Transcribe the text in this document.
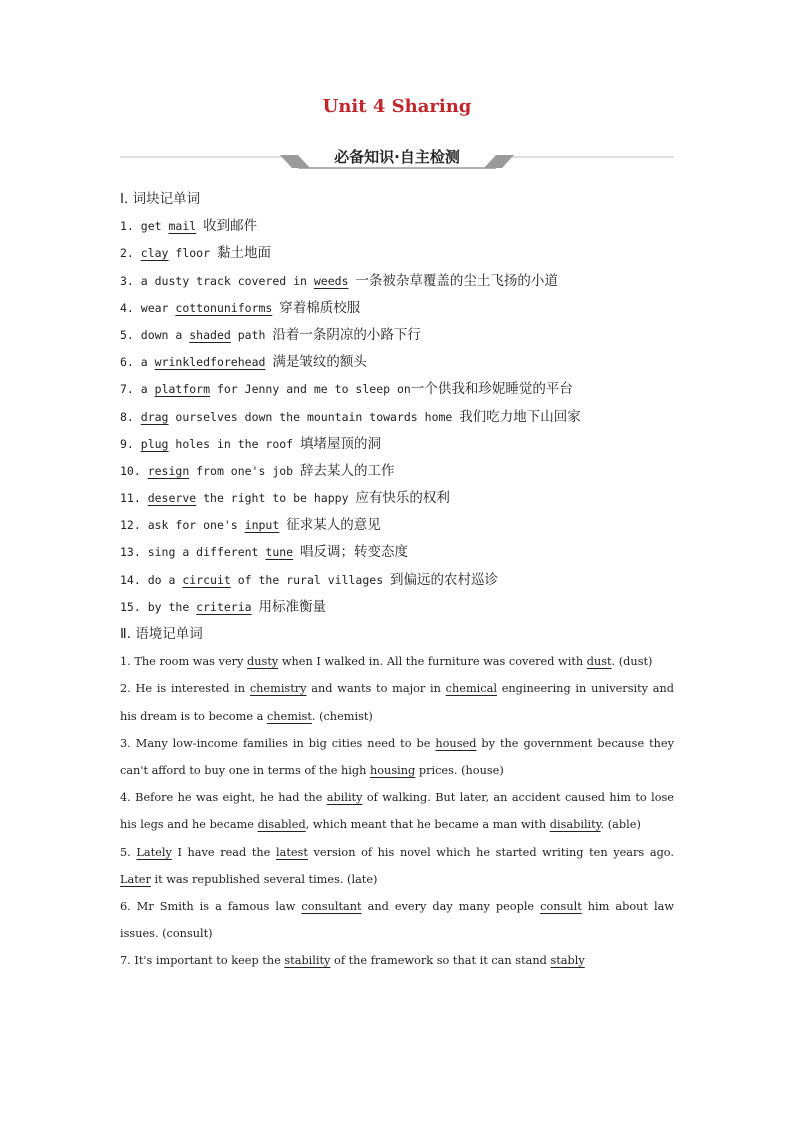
Unit 4 Sharing
必备知识·自主检测
Ⅰ. 词块记单词
1. get mail 收到邮件
2. clay floor 黏土地面
3. a dusty track covered in weeds 一条被杂草覆盖的尘土飞扬的小道
4. wear cottonuniforms 穿着棉质校服
5. down a shaded path 沿着一条阴凉的小路下行
6. a wrinkledforehead 满是皱纹的额头
7. a platform for Jenny and me to sleep on一个供我和珍妮睡觉的平台
8. drag ourselves down the mountain towards home 我们吃力地下山回家
9. plug holes in the roof 填堵屋顶的洞
10. resign from one's job 辞去某人的工作
11. deserve the right to be happy 应有快乐的权利
12. ask for one's input 征求某人的意见
13. sing a different tune 唱反调；转变态度
14. do a circuit of the rural villages 到偏远的农村巡诊
15. by the criteria 用标准衡量
Ⅱ. 语境记单词
1. The room was very dusty when I walked in. All the furniture was covered with dust. (dust)
2. He is interested in chemistry and wants to major in chemical engineering in university and his dream is to become a chemist. (chemist)
3. Many low-income families in big cities need to be housed by the government because they can't afford to buy one in terms of the high housing prices. (house)
4. Before he was eight, he had the ability of walking. But later, an accident caused him to lose his legs and he became disabled, which meant that he became a man with disability. (able)
5. Lately I have read the latest version of his novel which he started writing ten years ago. Later it was republished several times. (late)
6. Mr Smith is a famous law consultant and every day many people consult him about law issues. (consult)
7. It's important to keep the stability of the framework so that it can stand stably
